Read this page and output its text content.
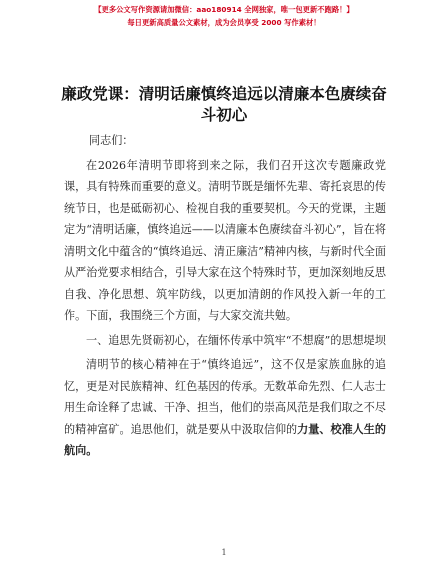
【更多公文写作资源请加微信：aao180914 全网独家，唯一包更新不跑路！】
每日更新高质量公文素材，成为会员享受 2000 写作素材！
廉政党课：清明话廉慎终追远以清廉本色赓续奋斗初心

同志们：

在2026年清明节即将到来之际，我们召开这次专题廉政党课，具有特殊而重要的意义。清明节既是缅怀先辈、寄托哀思的传统节日，也是砥砺初心、检视自我的重要契机。今天的党课，主题定为“清明话廉，慎终追远——以清廉本色赓续奋斗初心”，旨在将清明文化中蕴含的“慎终追远、清正廉洁”精神内核，与新时代全面从严治党要求相结合，引导大家在这个特殊时节，更加深刻地反思自我、净化思想、筑牢防线，以更加清朗的作风投入新一年的工作。下面，我围绕三个方面，与大家交流共勉。

一、追思先贤砺初心，在缅怀传承中筑牢“不想腐”的思想堤坝

清明节的核心精神在于“慎终追远”，这不仅是家族血脉的追忆，更是对民族精神、红色基因的传承。无数革命先烈、仁人志士用生命诠释了忠诚、干净、担当，他们的崇高风范是我们取之不尽的精神富矿。追思他们，就是要从中汲取信仰的力量、校准人生的航向。

1
